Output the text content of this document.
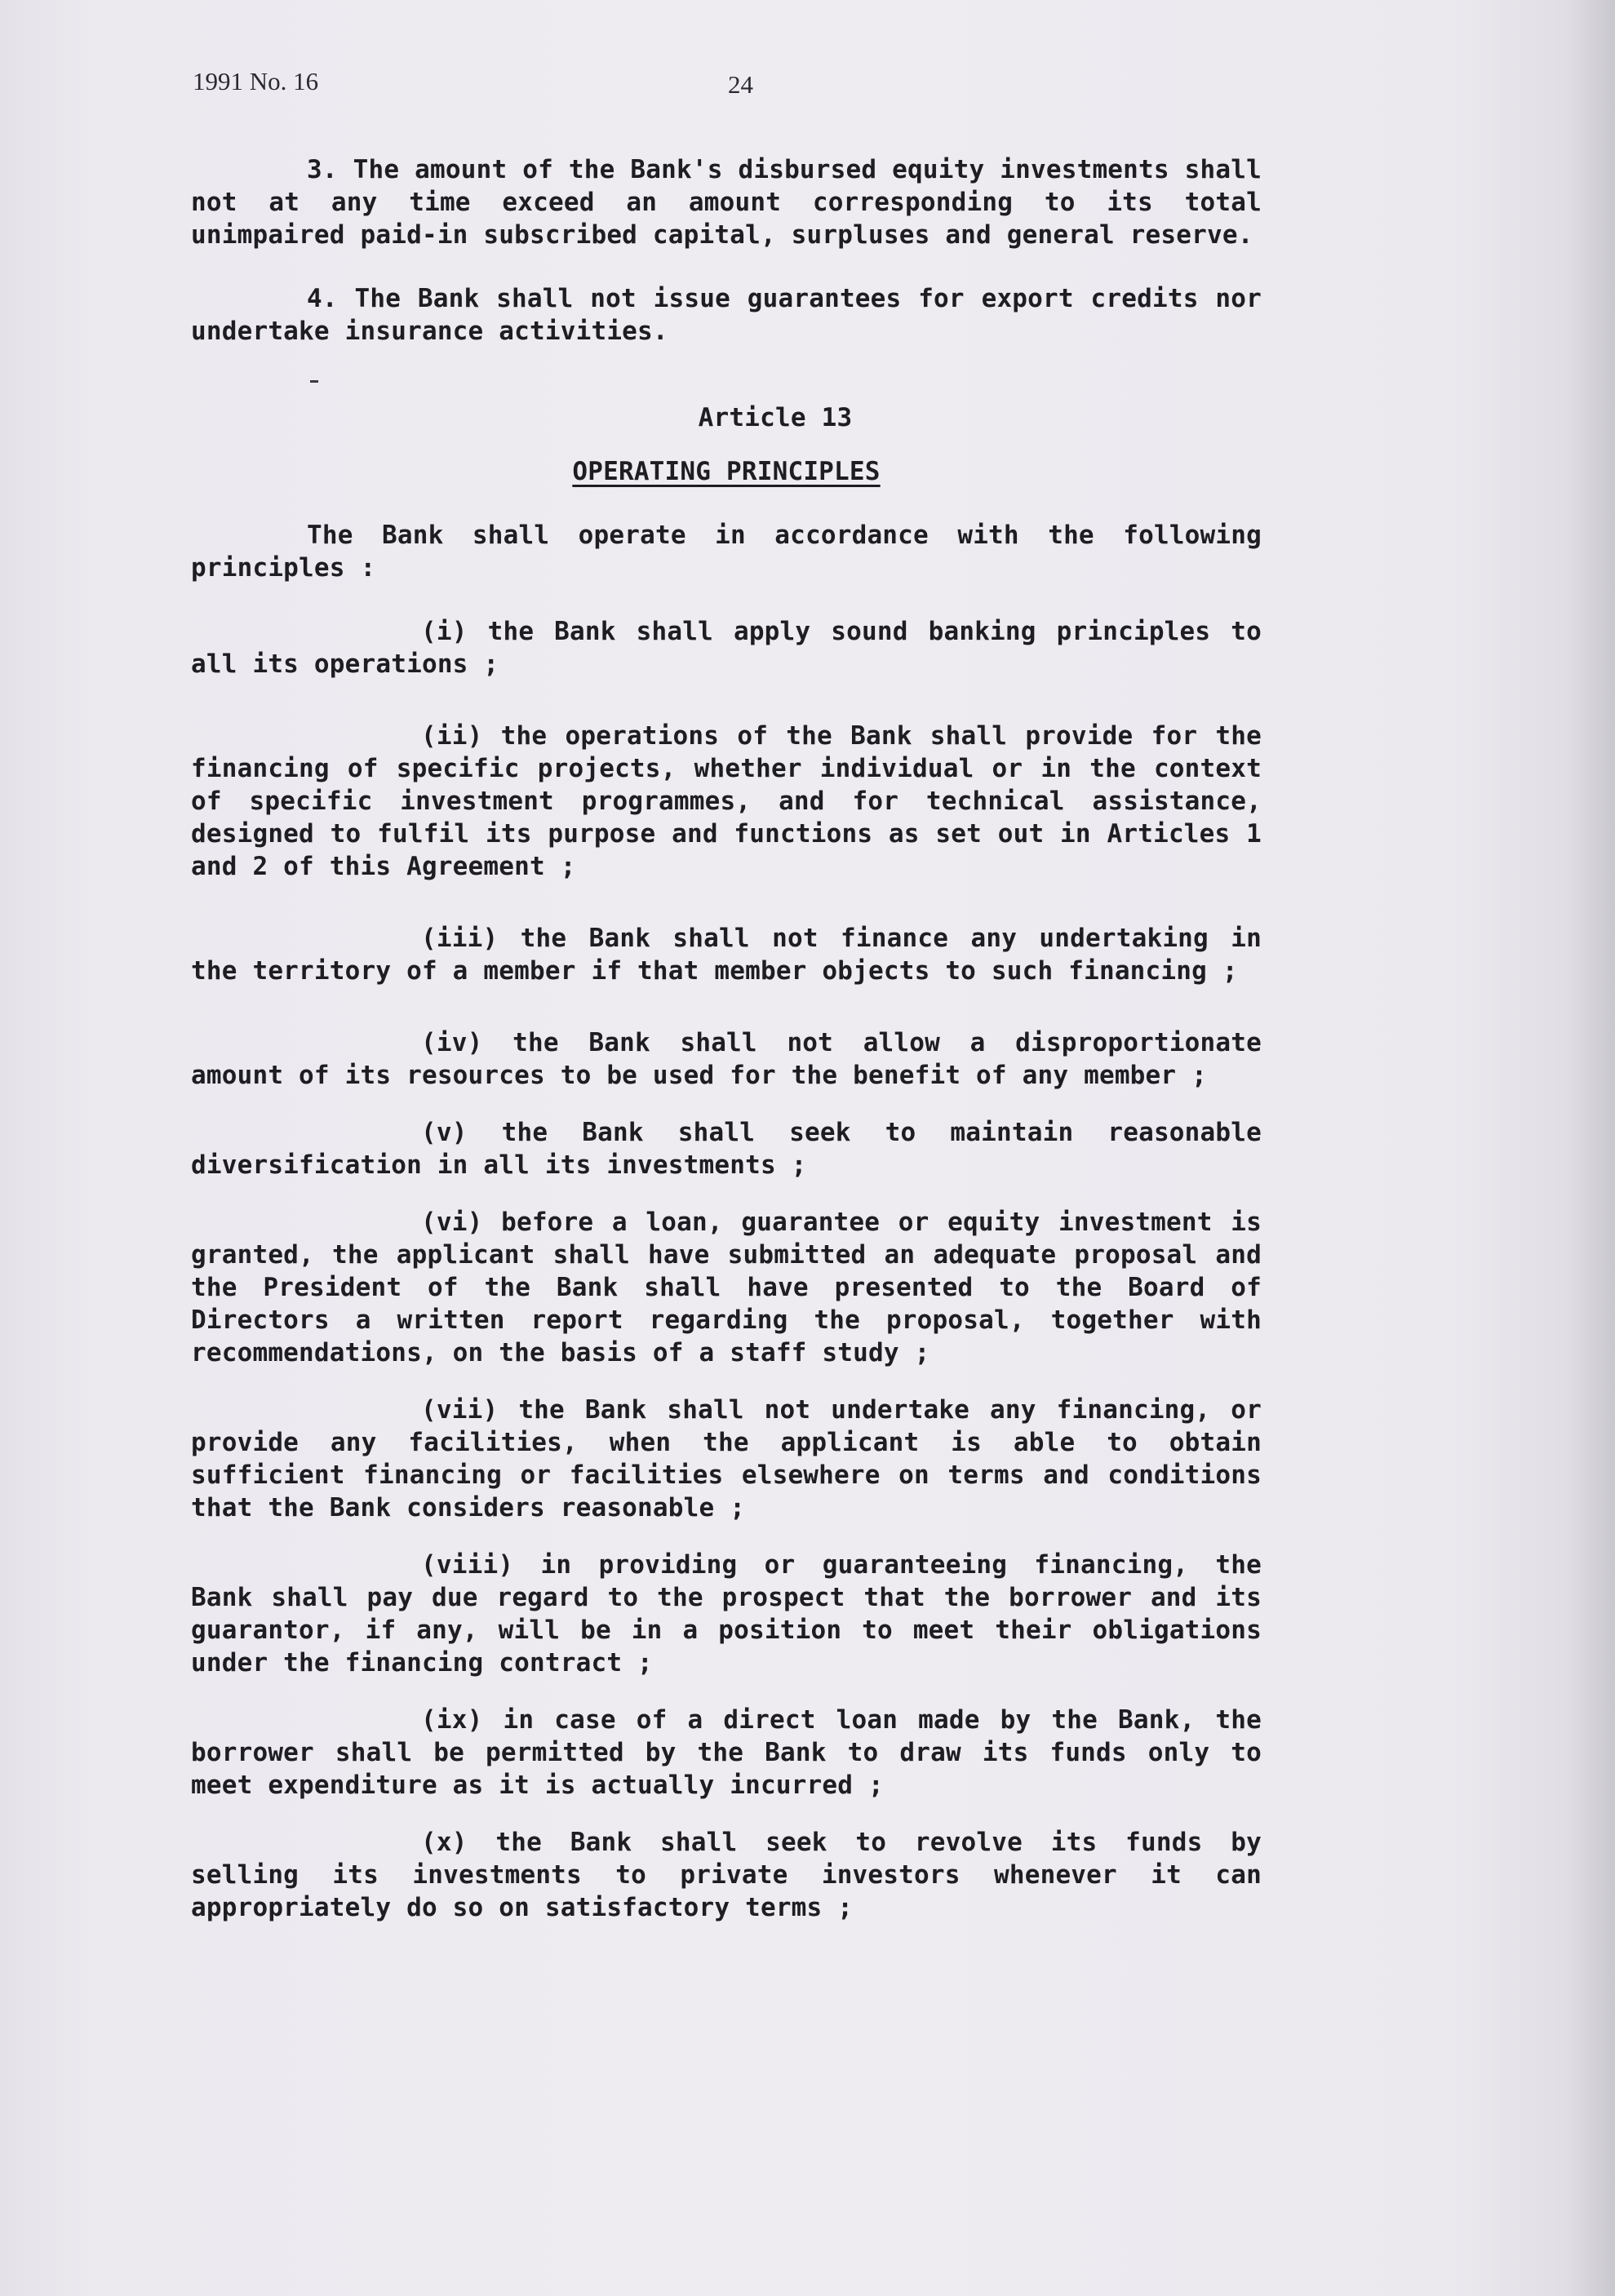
1991 No. 16	24

3. The amount of the Bank's disbursed equity investments shall not at any time exceed an amount corresponding to its total unimpaired paid-in subscribed capital, surpluses and general reserve.

4. The Bank shall not issue guarantees for export credits nor undertake insurance activities.

Article 13

OPERATING PRINCIPLES

The Bank shall operate in accordance with the following principles :

(i) the Bank shall apply sound banking principles to all its operations ;

(ii) the operations of the Bank shall provide for the financing of specific projects, whether individual or in the context of specific investment programmes, and for technical assistance, designed to fulfil its purpose and functions as set out in Articles 1 and 2 of this Agreement ;

(iii) the Bank shall not finance any undertaking in the territory of a member if that member objects to such financing ;

(iv) the Bank shall not allow a disproportionate amount of its resources to be used for the benefit of any member ;

(v) the Bank shall seek to maintain reasonable diversification in all its investments ;

(vi) before a loan, guarantee or equity investment is granted, the applicant shall have submitted an adequate proposal and the President of the Bank shall have presented to the Board of Directors a written report regarding the proposal, together with recommendations, on the basis of a staff study ;

(vii) the Bank shall not undertake any financing, or provide any facilities, when the applicant is able to obtain sufficient financing or facilities elsewhere on terms and conditions that the Bank considers reasonable ;

(viii) in providing or guaranteeing financing, the Bank shall pay due regard to the prospect that the borrower and its guarantor, if any, will be in a position to meet their obligations under the financing contract ;

(ix) in case of a direct loan made by the Bank, the borrower shall be permitted by the Bank to draw its funds only to meet expenditure as it is actually incurred ;

(x) the Bank shall seek to revolve its funds by selling its investments to private investors whenever it can appropriately do so on satisfactory terms ;
